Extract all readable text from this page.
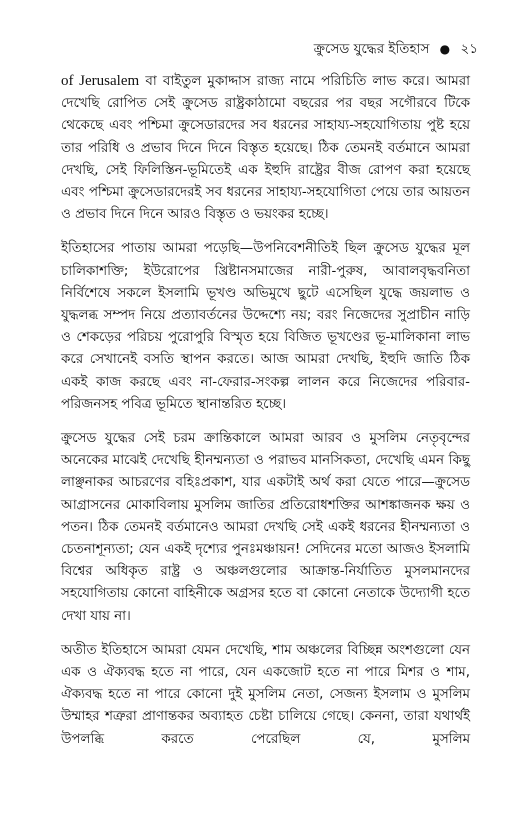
ক্রুসেড যুদ্ধের ইতিহাস ● ২১

of Jerusalem বা বাইতুল মুকাদ্দাস রাজ্য নামে পরিচিতি লাভ করে। আমরা দেখেছি রোপিত সেই ক্রুসেড রাষ্ট্রকাঠামো বছরের পর বছর সগৌরবে টিকে থেকেছে এবং পশ্চিমা ক্রুসেডারদের সব ধরনের সাহায্য-সহযোগিতায় পুষ্ট হয়ে তার পরিধি ও প্রভাব দিনে দিনে বিস্তৃত হয়েছে। ঠিক তেমনই বর্তমানে আমরা দেখছি, সেই ফিলিস্তিন-ভূমিতেই এক ইহুদি রাষ্ট্রের বীজ রোপণ করা হয়েছে এবং পশ্চিমা ক্রুসেডারদেরই সব ধরনের সাহায্য-সহযোগিতা পেয়ে তার আয়তন ও প্রভাব দিনে দিনে আরও বিস্তৃত ও ভয়ংকর হচ্ছে।

ইতিহাসের পাতায় আমরা পড়েছি—উপনিবেশনীতিই ছিল ক্রুসেড যুদ্ধের মূল চালিকাশক্তি; ইউরোপের খ্রিষ্টানসমাজের নারী-পুরুষ, আবালবৃদ্ধবনিতা নির্বিশেষে সকলে ইসলামি ভূখণ্ড অভিমুখে ছুটে এসেছিল যুদ্ধে জয়লাভ ও যুদ্ধলব্ধ সম্পদ নিয়ে প্রত্যাবর্তনের উদ্দেশ্যে নয়; বরং নিজেদের সুপ্রাচীন নাড়ি ও শেকড়ের পরিচয় পুরোপুরি বিস্মৃত হয়ে বিজিত ভূখণ্ডের ভূ-মালিকানা লাভ করে সেখানেই বসতি স্থাপন করতে। আজ আমরা দেখছি, ইহুদি জাতি ঠিক একই কাজ করছে এবং না-ফেরার-সংকল্প লালন করে নিজেদের পরিবার-পরিজনসহ পবিত্র ভূমিতে স্থানান্তরিত হচ্ছে।

ক্রুসেড যুদ্ধের সেই চরম ক্রান্তিকালে আমরা আরব ও মুসলিম নেতৃবৃন্দের অনেকের মাঝেই দেখেছি হীনম্মন্যতা ও পরাভব মানসিকতা, দেখেছি এমন কিছু লাঞ্ছনাকর আচরণের বহিঃপ্রকাশ, যার একটাই অর্থ করা যেতে পারে—ক্রুসেড আগ্রাসনের মোকাবিলায় মুসলিম জাতির প্রতিরোধশক্তির আশঙ্কাজনক ক্ষয় ও পতন। ঠিক তেমনই বর্তমানেও আমরা দেখছি সেই একই ধরনের হীনম্মন্যতা ও চেতনাশূন্যতা; যেন একই দৃশ্যের পুনঃমঞ্চায়ন! সেদিনের মতো আজও ইসলামি বিশ্বের অধিকৃত রাষ্ট্র ও অঞ্চলগুলোর আক্রান্ত-নির্যাতিত মুসলমানদের সহযোগিতায় কোনো বাহিনীকে অগ্রসর হতে বা কোনো নেতাকে উদ্যোগী হতে দেখা যায় না।

অতীত ইতিহাসে আমরা যেমন দেখেছি, শাম অঞ্চলের বিচ্ছিন্ন অংশগুলো যেন এক ও ঐক্যবদ্ধ হতে না পারে, যেন একজোট হতে না পারে মিশর ও শাম, ঐক্যবদ্ধ হতে না পারে কোনো দুই মুসলিম নেতা, সেজন্য ইসলাম ও মুসলিম উম্মাহর শত্রুরা প্রাণান্তকর অব্যাহত চেষ্টা চালিয়ে গেছে। কেননা, তারা যথার্থই উপলব্ধি করতে পেরেছিল যে, মুসলিম
